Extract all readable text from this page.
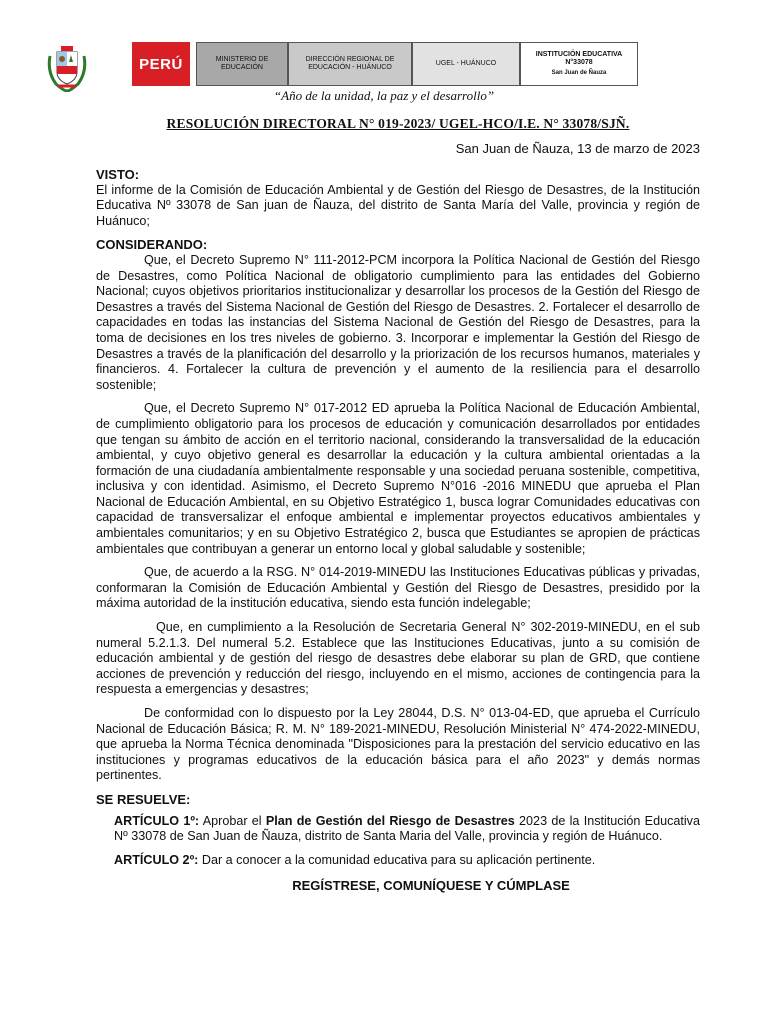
PERÚ	MINISTERIO DE EDUCACIÓN
DIRECCIÓN REGIONAL DE EDUCACIÓN - HUÁNUCO
UGEL - HUÁNUCO
INSTITUCIÓN EDUCATIVA N°33078
San Juan de Ñauza
“Año de la unidad, la paz y el desarrollo”
RESOLUCIÓN DIRECTORAL N° 019-2023/ UGEL-HCO/I.E. N° 33078/SJÑ.
San Juan de Ñauza, 13 de marzo de 2023
VISTO:

El informe de la Comisión de Educación Ambiental y de Gestión del Riesgo de Desastres, de la Institución Educativa Nº 33078 de San juan de Ñauza, del distrito de Santa María del Valle, provincia y región de Huánuco;

CONSIDERANDO:

Que, el Decreto Supremo N° 111-2012-PCM incorpora la Política Nacional de Gestión del Riesgo de Desastres, como Política Nacional de obligatorio cumplimiento para las entidades del Gobierno Nacional; cuyos objetivos prioritarios institucionalizar y desarrollar los procesos de la Gestión del Riesgo de Desastres a través del Sistema Nacional de Gestión del Riesgo de Desastres. 2. Fortalecer el desarrollo de capacidades en todas las instancias del Sistema Nacional de Gestión del Riesgo de Desastres, para la toma de decisiones en los tres niveles de gobierno. 3. Incorporar e implementar la Gestión del Riesgo de Desastres a través de la planificación del desarrollo y la priorización de los recursos humanos, materiales y financieros. 4. Fortalecer la cultura de prevención y el aumento de la resiliencia para el desarrollo sostenible;

Que, el Decreto Supremo N° 017-2012 ED aprueba la Política Nacional de Educación Ambiental, de cumplimiento obligatorio para los procesos de educación y comunicación desarrollados por entidades que tengan su ámbito de acción en el territorio nacional, considerando la transversalidad de la educación ambiental, y cuyo objetivo general es desarrollar la educación y la cultura ambiental orientadas a la formación de una ciudadanía ambientalmente responsable y una sociedad peruana sostenible, competitiva, inclusiva y con identidad. Asimismo, el Decreto Supremo N°016 -2016 MINEDU que aprueba el Plan Nacional de Educación Ambiental, en su Objetivo Estratégico 1, busca lograr Comunidades educativas con capacidad de transversalizar el enfoque ambiental e implementar proyectos educativos ambientales y ambientales comunitarios; y en su Objetivo Estratégico 2, busca que Estudiantes se apropien de prácticas ambientales que contribuyan a generar un entorno local y global saludable y sostenible;

Que, de acuerdo a la RSG. N° 014-2019-MINEDU las Instituciones Educativas públicas y privadas, conformaran la Comisión de Educación Ambiental y Gestión del Riesgo de Desastres, presidido por la máxima autoridad de la institución educativa, siendo esta función indelegable;

Que, en cumplimiento a la Resolución de Secretaria General N° 302-2019-MINEDU, en el sub numeral 5.2.1.3. Del numeral 5.2. Establece que las Instituciones Educativas, junto a su comisión de educación ambiental y de gestión del riesgo de desastres debe elaborar su plan de GRD, que contiene acciones de prevención y reducción del riesgo, incluyendo en el mismo, acciones de contingencia para la respuesta a emergencias y desastres;

De conformidad con lo dispuesto por la Ley 28044, D.S. N° 013-04-ED, que aprueba el Currículo Nacional de Educación Básica; R. M. N° 189-2021-MINEDU, Resolución Ministerial N° 474-2022-MINEDU, que aprueba la Norma Técnica denominada "Disposiciones para la prestación del servicio educativo en las instituciones y programas educativos de la educación básica para el año 2023" y demás normas pertinentes.

SE RESUELVE:

ARTÍCULO 1º: Aprobar el Plan de Gestión del Riesgo de Desastres 2023 de la Institución Educativa Nº 33078 de San Juan de Ñauza, distrito de Santa Maria del Valle, provincia y región de Huánuco.

ARTÍCULO 2º: Dar a conocer a la comunidad educativa para su aplicación pertinente.

REGÍSTRESE, COMUNÍQUESE Y CÚMPLASE
